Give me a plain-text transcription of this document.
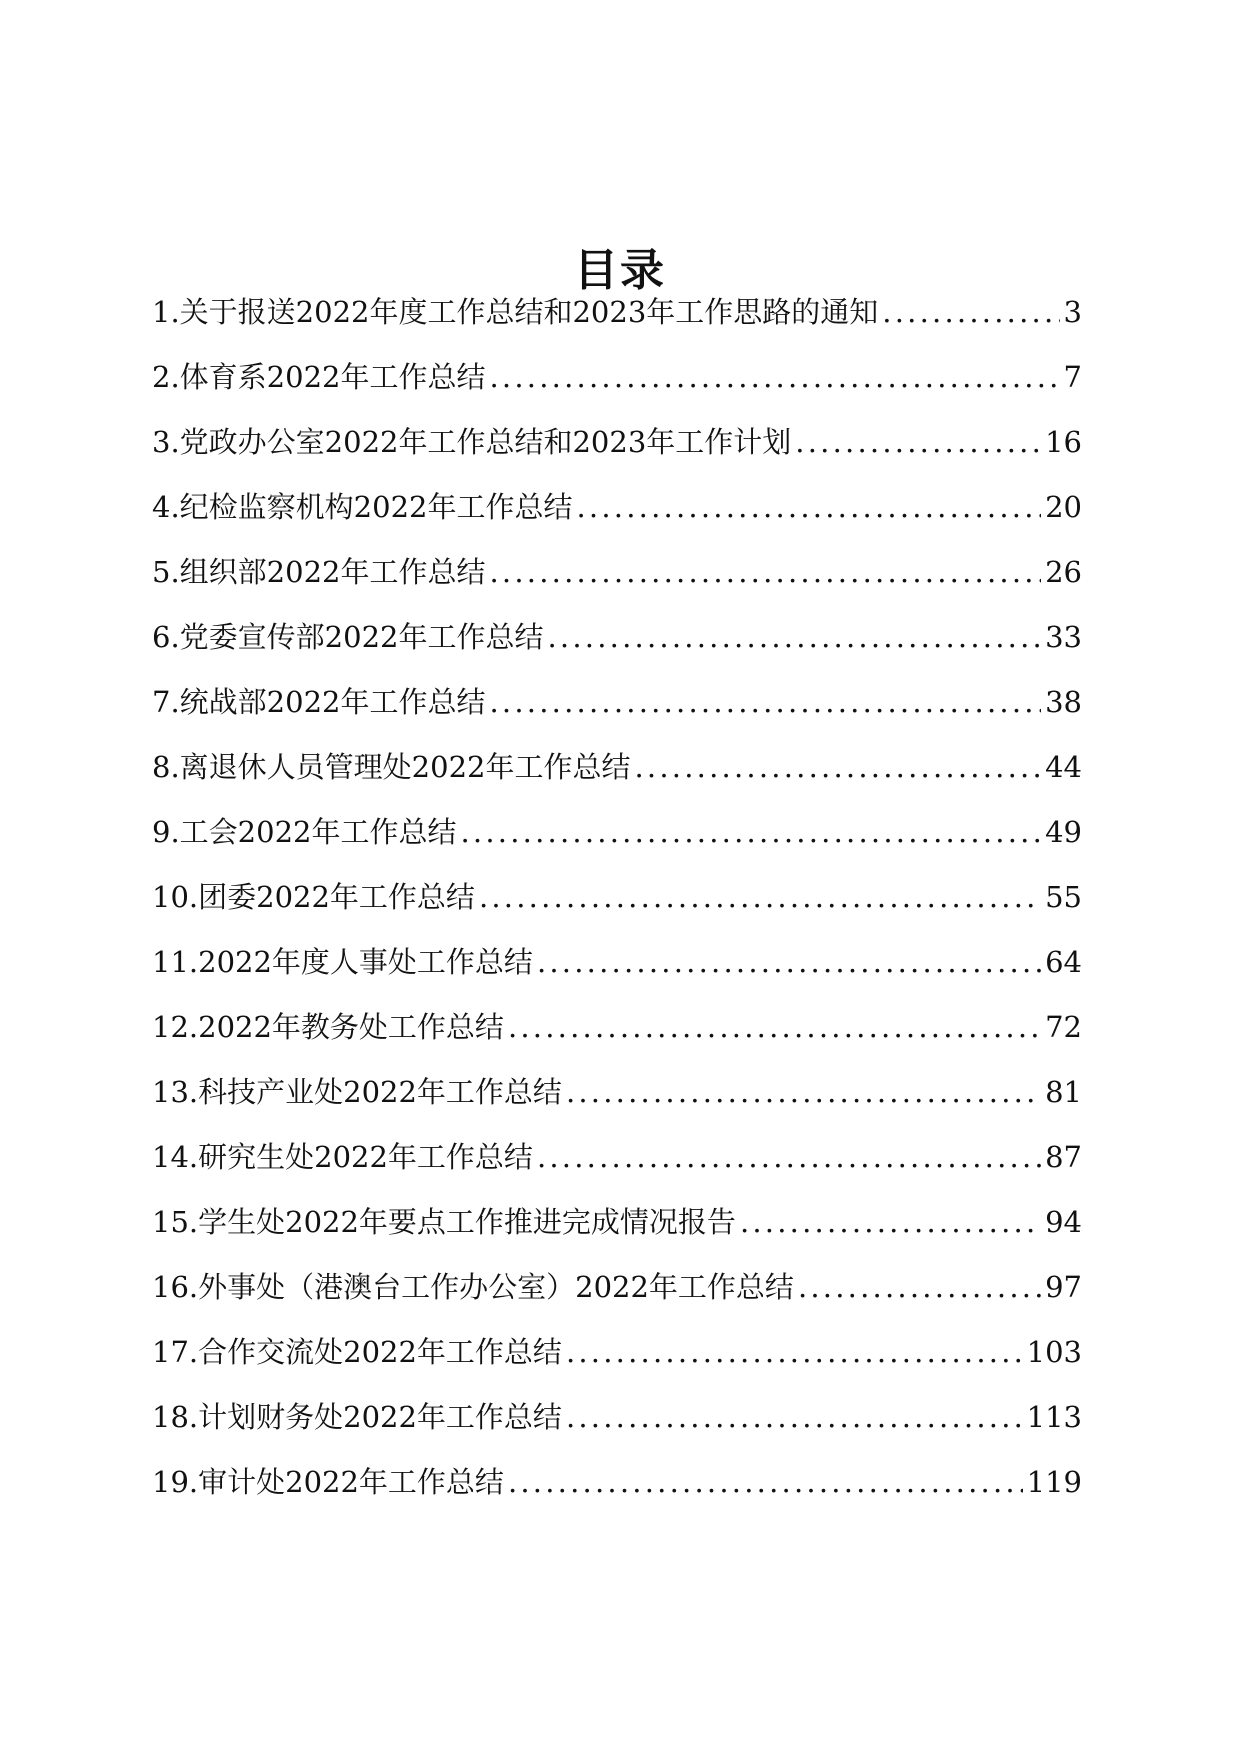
目录
1. 关于报送2022年度工作总结和2023年工作思路的通知 . . .	3
2. 体育系2022年工作总结 . . .	7
3. 党政办公室2022年工作总结和2023年工作计划 . . .	16
4. 纪检监察机构2022年工作总结 . . .	20
5. 组织部2022年工作总结 . . .	26
6. 党委宣传部2022年工作总结 . . .	33
7. 统战部2022年工作总结 . . .	38
8. 离退休人员管理处2022年工作总结 . . .	44
9. 工会2022年工作总结 . . .	49
10. 团委2022年工作总结 . . .	55
11. 2022年度人事处工作总结 . . .	64
12. 2022年教务处工作总结 . . .	72
13. 科技产业处2022年工作总结 . . .	81
14. 研究生处2022年工作总结 . . .	87
15. 学生处2022年要点工作推进完成情况报告 . . .	94
16. 外事处（港澳台工作办公室）2022年工作总结 . . .	97
17. 合作交流处2022年工作总结 . . .	103
18. 计划财务处2022年工作总结 . . .	113
19. 审计处2022年工作总结 . . .	119
